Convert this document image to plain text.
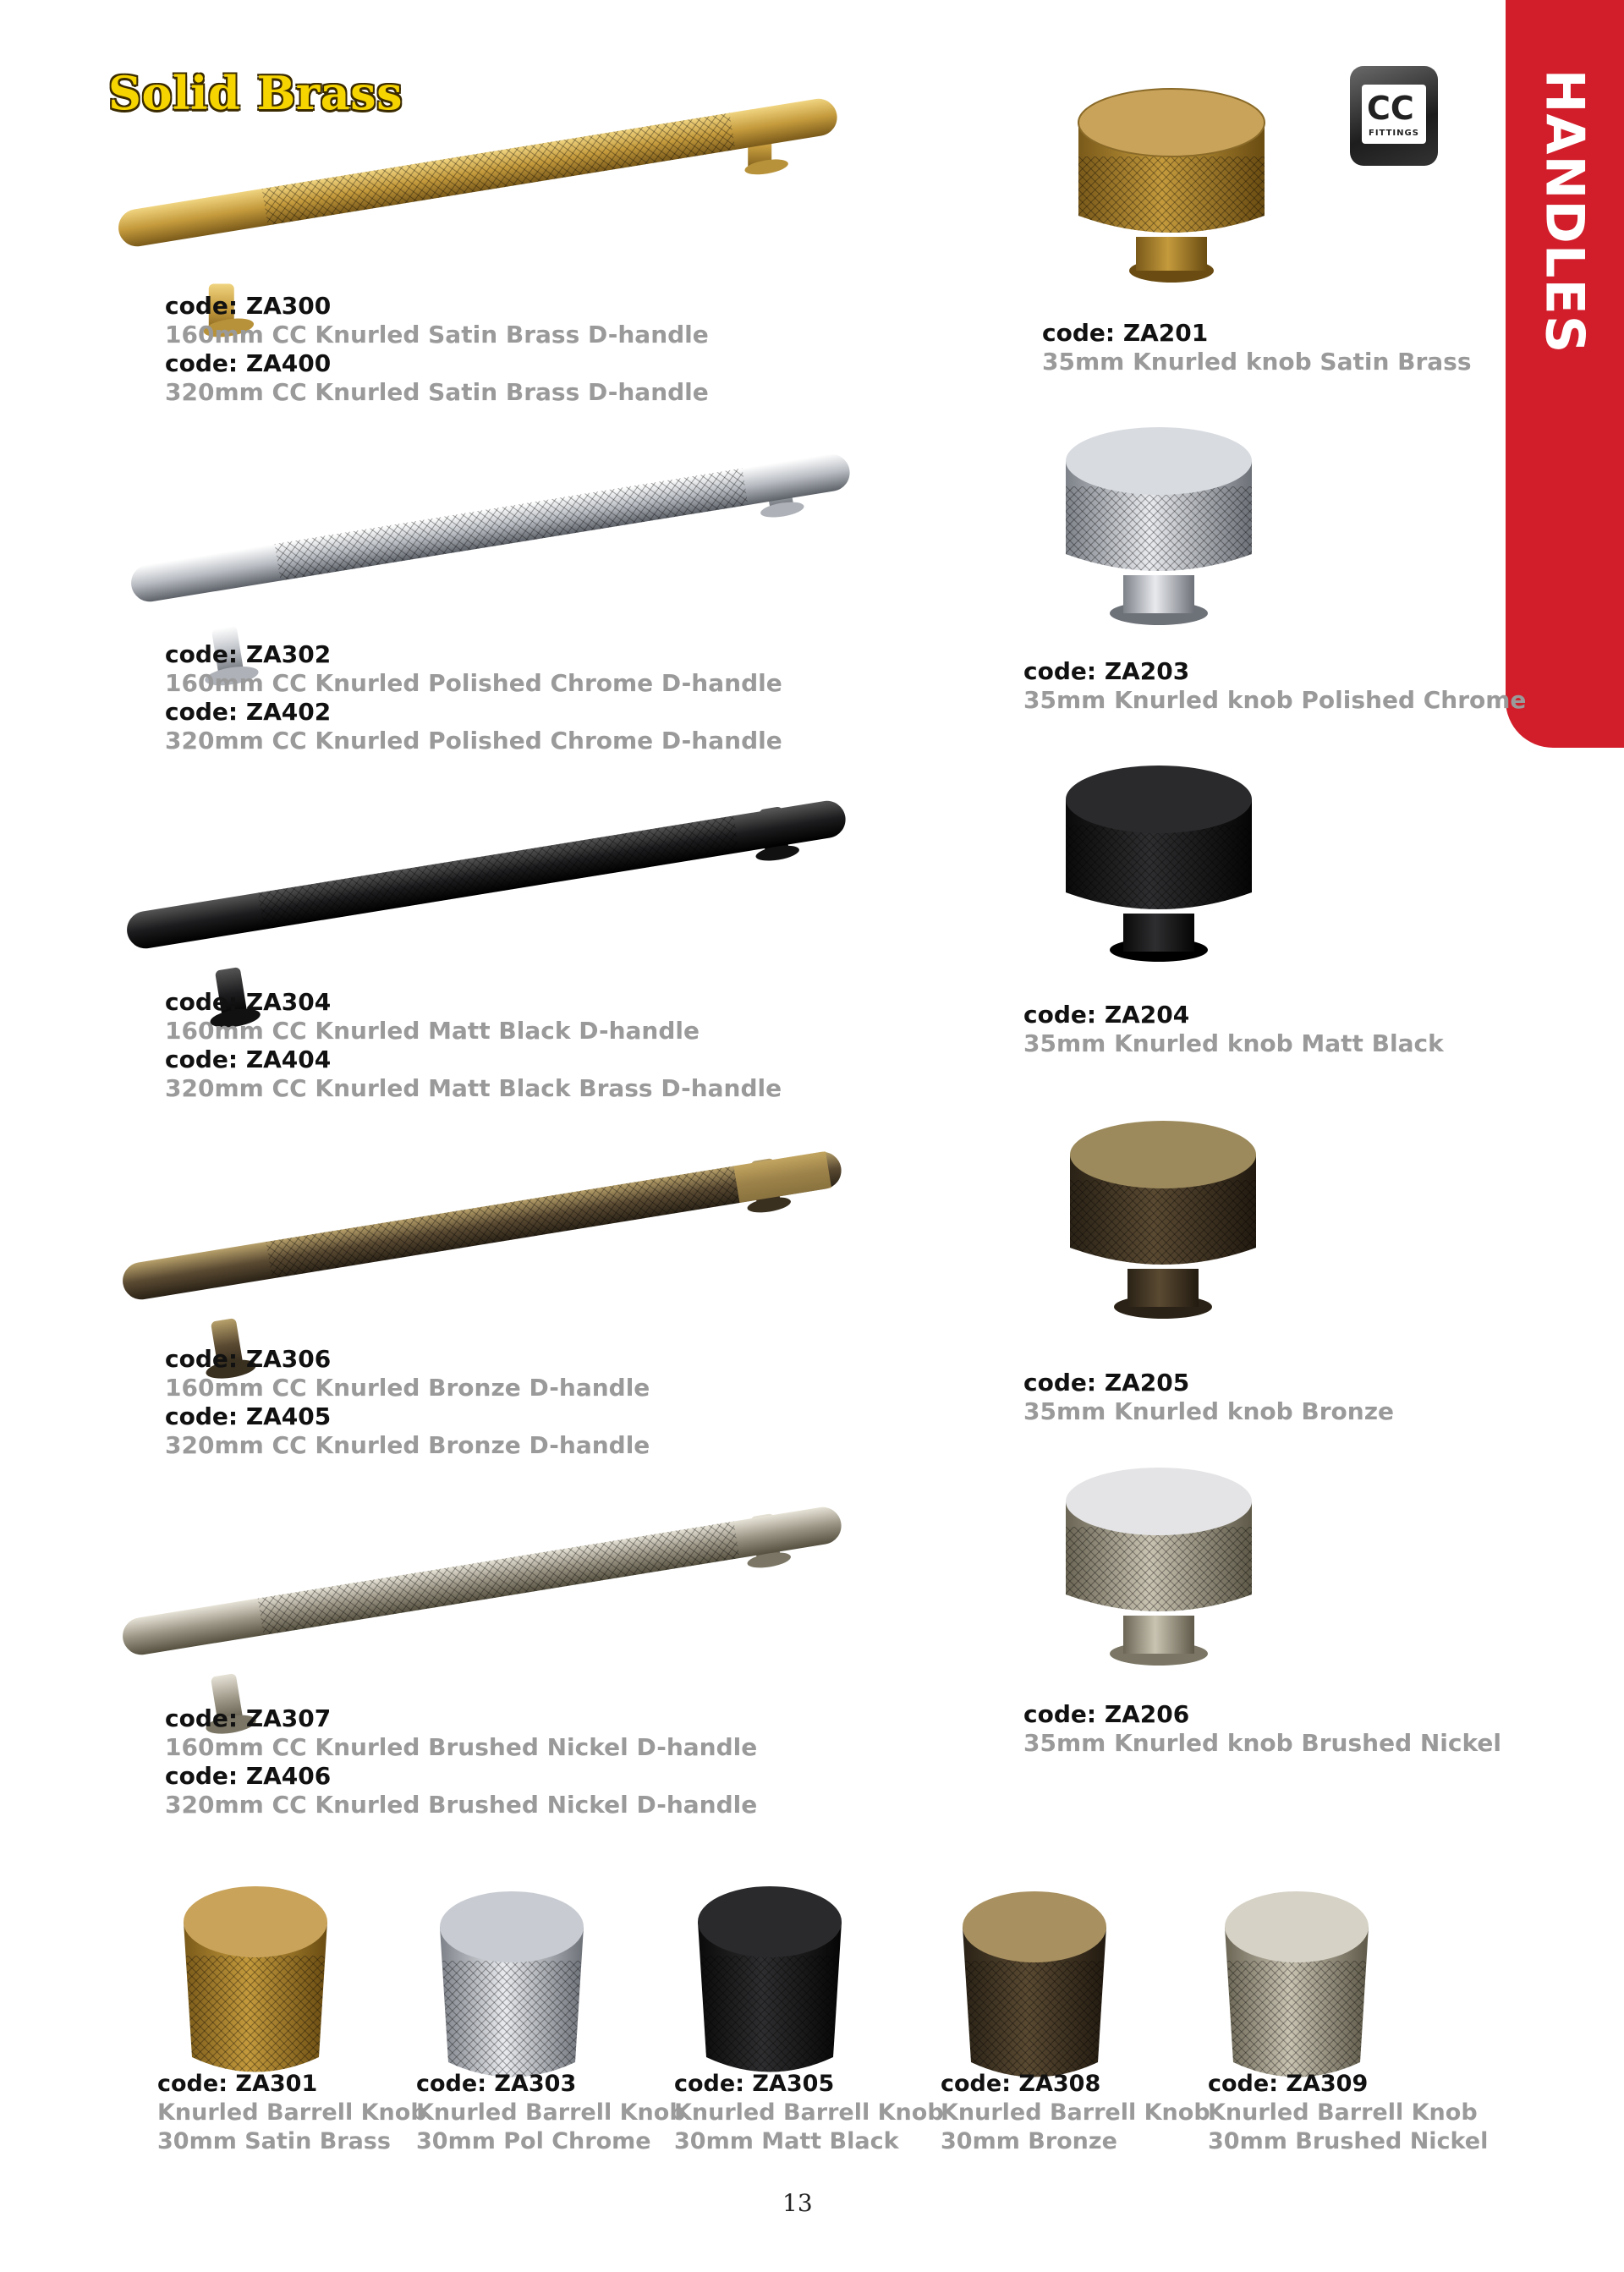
Solid Brass	HANDLES
CC
FITTINGS
code: ZA300
160mm CC Knurled Satin Brass D-handle
code: ZA400
320mm CC Knurled Satin Brass D-handle
code: ZA302
160mm CC Knurled Polished Chrome D-handle
code: ZA402
320mm CC Knurled Polished Chrome D-handle
code: ZA304
160mm CC Knurled Matt Black D-handle
code: ZA404
320mm CC Knurled Matt Black Brass D-handle
code: ZA306
160mm CC Knurled Bronze D-handle
code: ZA405
320mm CC Knurled Bronze D-handle
code: ZA307
160mm CC Knurled Brushed Nickel D-handle
code: ZA406
320mm CC Knurled Brushed Nickel D-handle
code: ZA201
35mm Knurled knob Satin Brass
code: ZA203
35mm Knurled knob Polished Chrome
code: ZA204
35mm Knurled knob Matt Black
code: ZA205
35mm Knurled knob Bronze
code: ZA206
35mm Knurled knob Brushed Nickel
code: ZA301
Knurled Barrell Knob
30mm Satin Brass
code: ZA303
Knurled Barrell Knob
30mm Pol Chrome
code: ZA305
Knurled Barrell Knob
30mm Matt Black
code: ZA308
Knurled Barrell Knob
30mm Bronze
code: ZA309
Knurled Barrell Knob
30mm Brushed Nickel
13
